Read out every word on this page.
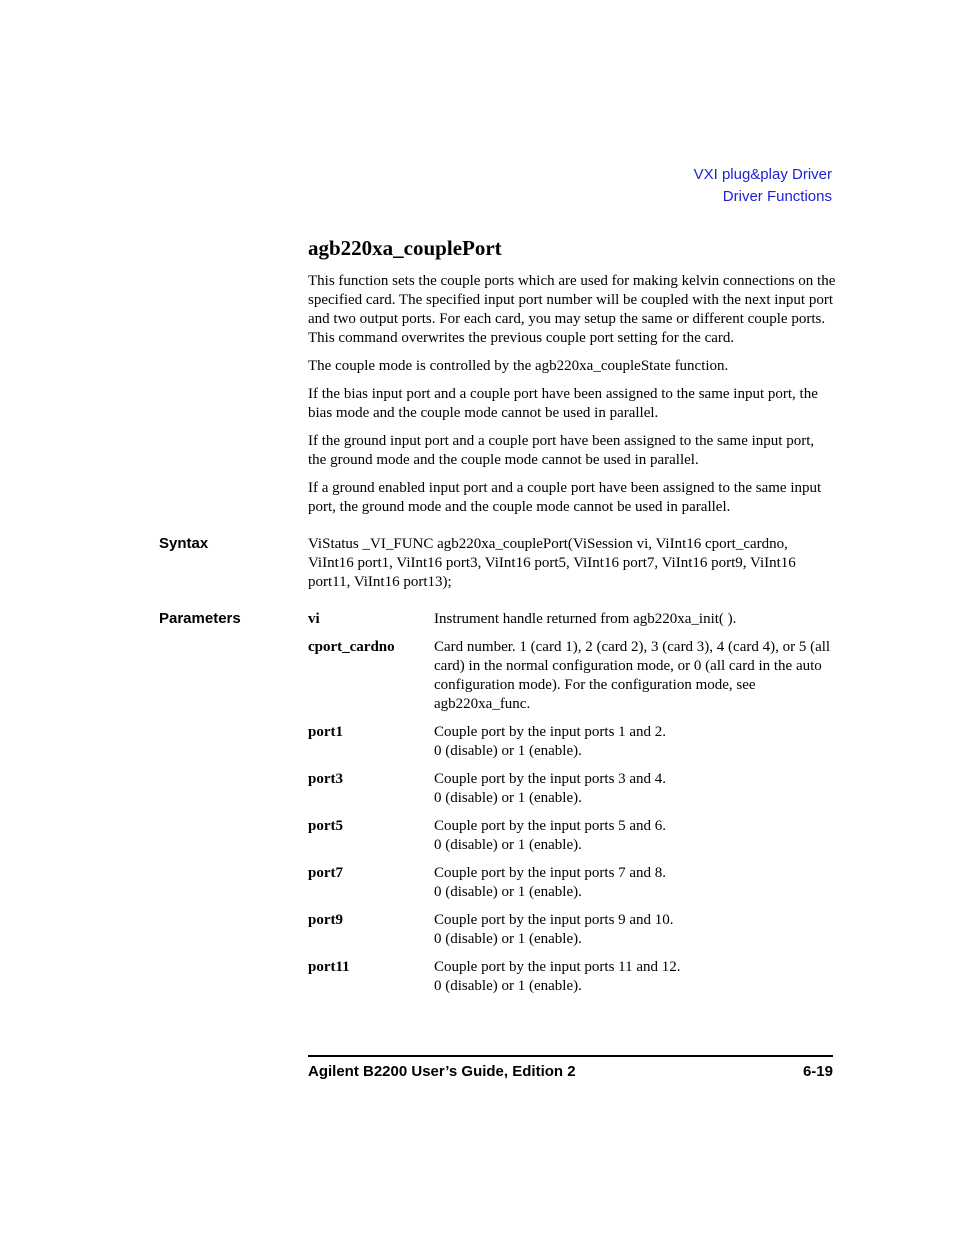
VXI plug&play Driver
Driver Functions
agb220xa_couplePort

This function sets the couple ports which are used for making kelvin connections on the specified card. The specified input port number will be coupled with the next input port and two output ports. For each card, you may setup the same or different couple ports. This command overwrites the previous couple port setting for the card.

The couple mode is controlled by the agb220xa_coupleState function.

If the bias input port and a couple port have been assigned to the same input port, the bias mode and the couple mode cannot be used in parallel.

If the ground input port and a couple port have been assigned to the same input port, the ground mode and the couple mode cannot be used in parallel.

If a ground enabled input port and a couple port have been assigned to the same input port, the ground mode and the couple mode cannot be used in parallel.

Syntax	ViStatus _VI_FUNC agb220xa_couplePort(ViSession vi, ViInt16 cport_cardno, ViInt16 port1, ViInt16 port3, ViInt16 port5, ViInt16 port7, ViInt16 port9, ViInt16 port11, ViInt16 port13);
Parameters	vi	Instrument handle returned from agb220xa_init( ).
cport_cardno	Card number. 1 (card 1), 2 (card 2), 3 (card 3), 4 (card 4), or 5 (all card) in the normal configuration mode, or 0 (all card in the auto configuration mode). For the configuration mode, see agb220xa_func.
port1	Couple port by the input ports 1 and 2.
0 (disable) or 1 (enable).
port3	Couple port by the input ports 3 and 4.
0 (disable) or 1 (enable).
port5	Couple port by the input ports 5 and 6.
0 (disable) or 1 (enable).
port7	Couple port by the input ports 7 and 8.
0 (disable) or 1 (enable).
port9	Couple port by the input ports 9 and 10.
0 (disable) or 1 (enable).
port11	Couple port by the input ports 11 and 12.
0 (disable) or 1 (enable).
Agilent B2200 User’s Guide, Edition 2	6-19
